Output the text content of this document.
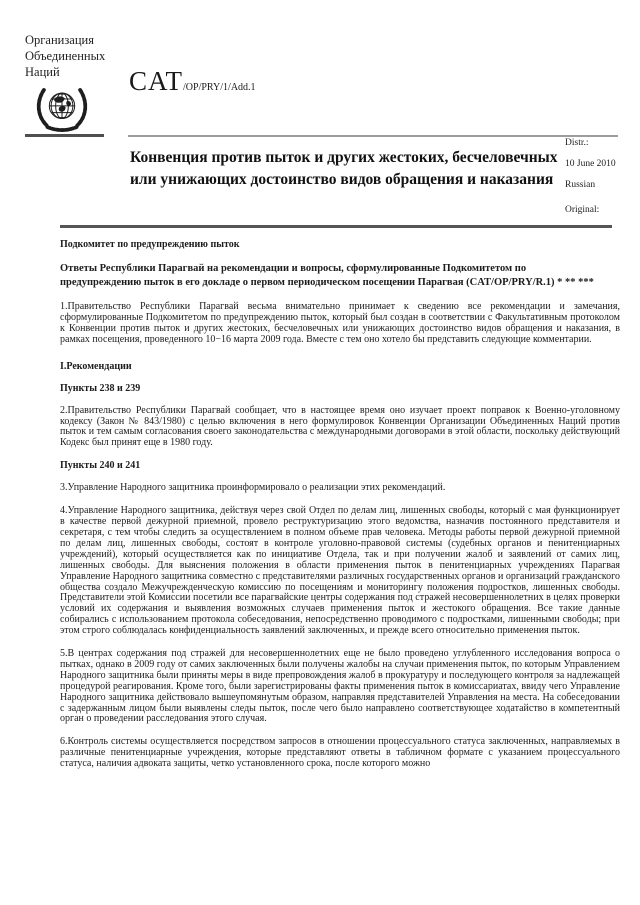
Организация
Объединенных
Наций	CAT/OP/PRY/1/Add.1
Distr.:
Конвенция против пыток и других жестоких, бесчеловечных или унижающих достоинство видов обращения и наказания
10 June 2010
Russian
Original:
Подкомитет по предупреждению пыток
Ответы Республики Парагвай на рекомендации и вопросы, сформулированные Подкомитетом по предупреждению пыток в его докладе о первом периодическом посещении Парагвая (CAT/OP/PRY/R.1) * ** ***

1.Правительство Республики Парагвай весьма внимательно принимает к сведению все рекомендации и замечания, сформулированные Подкомитетом по предупреждению пыток, который был создан в соответствии с Факультативным протоколом к Конвенции против пыток и других жестоких, бесчеловечных или унижающих достоинство видов обращения и наказания, в рамках посещения, проведенного 10−16 марта 2009 года. Вместе с тем оно хотело бы представить следующие комментарии.

I.Рекомендации
Пункты 238 и 239

2.Правительство Республики Парагвай сообщает, что в настоящее время оно изучает проект поправок к Военно-уголовному кодексу (Закон № 843/1980) с целью включения в него формулировок Конвенции Организации Объединенных Наций против пыток и тем самым согласования своего законодательства с международными договорами в этой области, поскольку действующий Кодекс был принят еще в 1980 году.

Пункты 240 и 241

3.Управление Народного защитника проинформировало о реализации этих рекомендаций.

4.Управление Народного защитника, действуя через свой Отдел по делам лиц, лишенных свободы, который с мая функционирует в качестве первой дежурной приемной, провело реструктуризацию этого ведомства, назначив постоянного представителя и секретаря, с тем чтобы следить за осуществлением в полном объеме прав человека. Методы работы первой дежурной приемной по делам лиц, лишенных свободы, состоят в контроле уголовно-правовой системы (судебных органов и пенитенциарных учреждений), который осуществляется как по инициативе Отдела, так и при получении жалоб и заявлений от самих лиц, лишенных свободы. Для выяснения положения в области применения пыток в пенитенциарных учреждениях Парагвая Управление Народного защитника совместно с представителями различных государственных органов и организаций гражданского общества создало Межучрежденческую комиссию по посещениям и мониторингу положения подростков, лишенных свободы. Представители этой Комиссии посетили все парагвайские центры содержания под стражей несовершеннолетних в целях проверки условий их содержания и выявления возможных случаев применения пыток и жестокого обращения. Все такие данные собирались с использованием протокола собеседования, непосредственно проводимого с подростками, лишенными свободы; при этом строго соблюдалась конфиденциальность заявлений заключенных, и прежде всего относительно применения пыток.

5.В центрах содержания под стражей для несовершеннолетних еще не было проведено углубленного исследования вопроса о пытках, однако в 2009 году от самих заключенных были получены жалобы на случаи применения пыток, по которым Управлением Народного защитника были приняты меры в виде препровождения жалоб в прокуратуру и последующего контроля за надлежащей процедурой реагирования. Кроме того, были зарегистрированы факты применения пыток в комиссариатах, ввиду чего Управление Народного защитника действовало вышеупомянутым образом, направляя представителей Управления на места. На собеседовании с задержанным лицом были выявлены следы пыток, после чего было направлено соответствующее ходатайство в компетентный орган о проведении расследования этого случая.

6.Контроль системы осуществляется посредством запросов в отношении процессуального статуса заключенных, направляемых в различные пенитенциарные учреждения, которые представляют ответы в табличном формате с указанием процессуального статуса, наличия адвоката защиты, четко установленного срока, после которого можно
